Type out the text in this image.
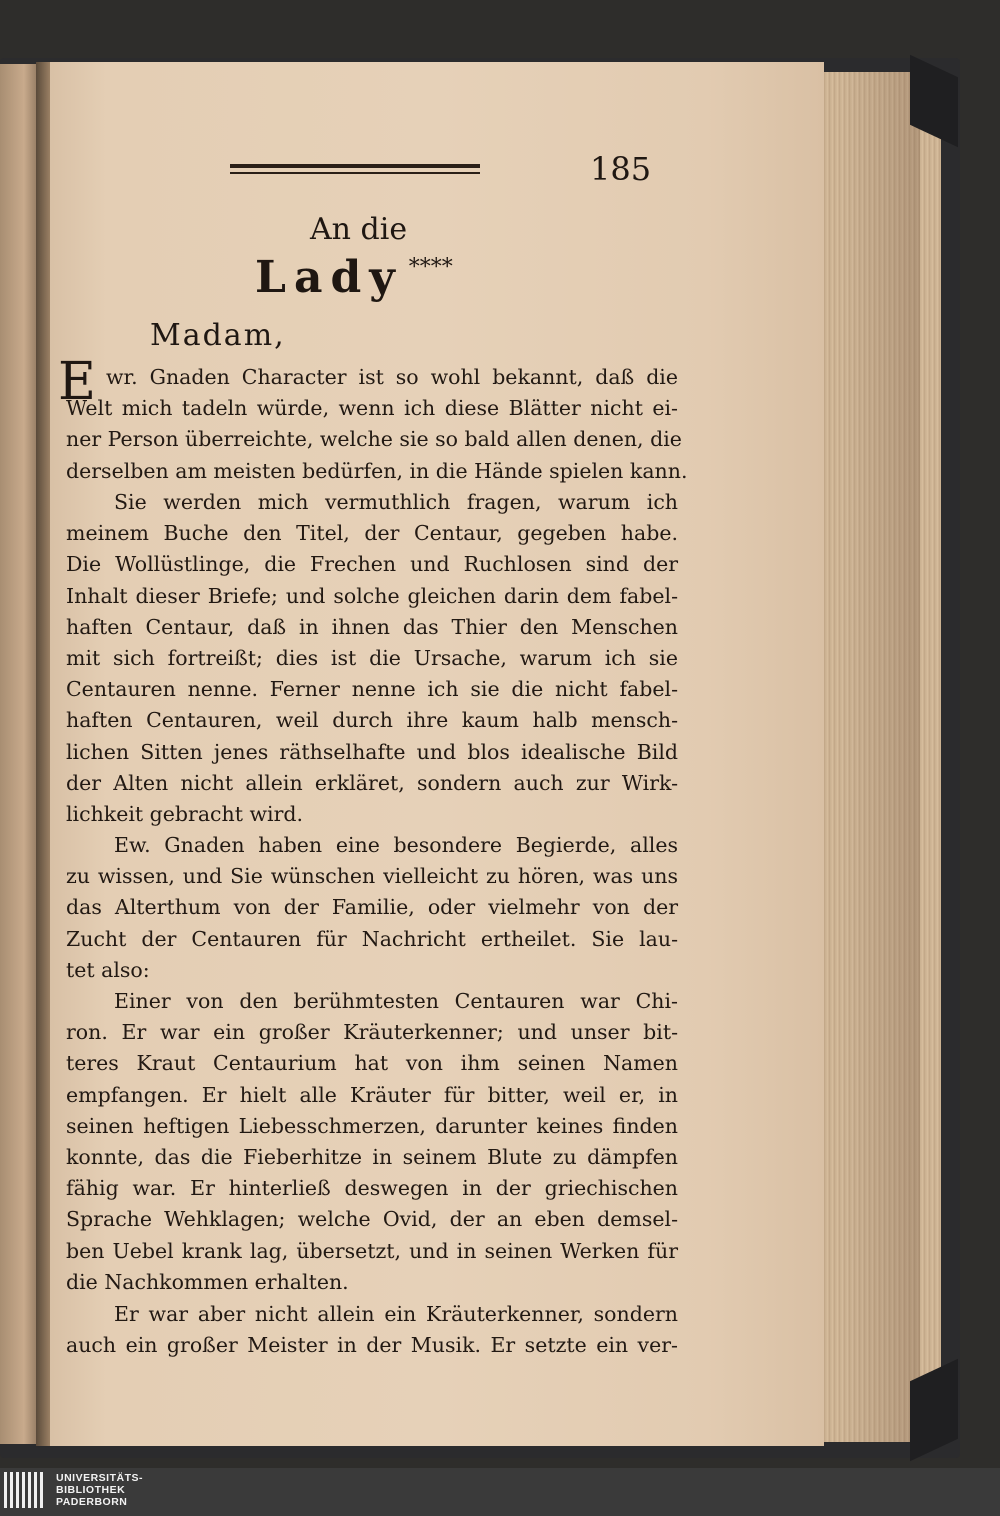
185
An die
Lady ****
Madam,
E wr. Gnaden Character ist so wohl bekannt, daß die
Welt mich tadeln würde, wenn ich diese Blätter nicht ei-
ner Person überreichte, welche sie so bald allen denen, die
derselben am meisten bedürfen, in die Hände spielen kann.
Sie werden mich vermuthlich fragen, warum ich
meinem Buche den Titel, der Centaur, gegeben habe.
Die Wollüstlinge, die Frechen und Ruchlosen sind der
Inhalt dieser Briefe; und solche gleichen darin dem fabel-
haften Centaur, daß in ihnen das Thier den Menschen
mit sich fortreißt; dies ist die Ursache, warum ich sie
Centauren nenne. Ferner nenne ich sie die nicht fabel-
haften Centauren, weil durch ihre kaum halb mensch-
lichen Sitten jenes räthselhafte und blos idealische Bild
der Alten nicht allein erkläret, sondern auch zur Wirk-
lichkeit gebracht wird.
Ew. Gnaden haben eine besondere Begierde, alles
zu wissen, und Sie wünschen vielleicht zu hören, was uns
das Alterthum von der Familie, oder vielmehr von der
Zucht der Centauren für Nachricht ertheilet. Sie lau-
tet also:
Einer von den berühmtesten Centauren war Chi-
ron. Er war ein großer Kräuterkenner; und unser bit-
teres Kraut Centaurium hat von ihm seinen Namen
empfangen. Er hielt alle Kräuter für bitter, weil er, in
seinen heftigen Liebesschmerzen, darunter keines finden
konnte, das die Fieberhitze in seinem Blute zu dämpfen
fähig war. Er hinterließ deswegen in der griechischen
Sprache Wehklagen; welche Ovid, der an eben demsel-
ben Uebel krank lag, übersetzt, und in seinen Werken für
die Nachkommen erhalten.
Er war aber nicht allein ein Kräuterkenner, sondern
auch ein großer Meister in der Musik. Er setzte ein ver-
UNIVERSITÄTS-
BIBLIOTHEK
PADERBORN
